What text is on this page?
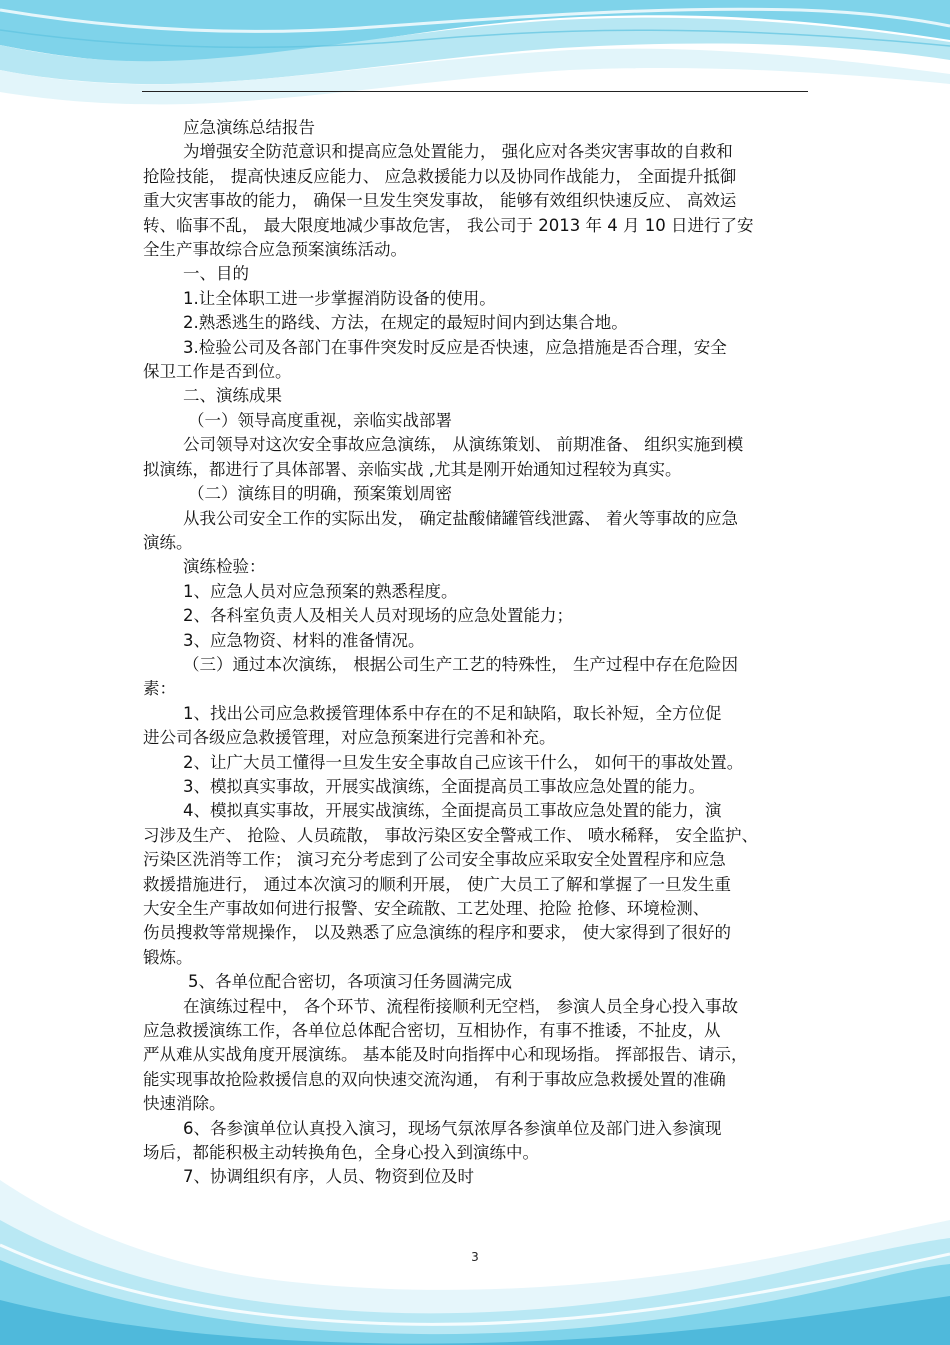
应急演练总结报告

为增强安全防范意识和提高应急处置能力， 强化应对各类灾害事故的自救和

抢险技能， 提高快速反应能力、 应急救援能力以及协同作战能力， 全面提升抵御

重大灾害事故的能力， 确保一旦发生突发事故， 能够有效组织快速反应、 高效运

转、临事不乱， 最大限度地减少事故危害， 我公司于 2013 年 4 月 10 日进行了安

全生产事故综合应急预案演练活动。

一、目的

1.让全体职工进一步掌握消防设备的使用。

2.熟悉逃生的路线、方法，在规定的最短时间内到达集合地。

3.检验公司及各部门在事件突发时反应是否快速，应急措施是否合理，安全

保卫工作是否到位。

二、演练成果

（一）领导高度重视，亲临实战部署

公司领导对这次安全事故应急演练， 从演练策划、 前期准备、 组织实施到模

拟演练，都进行了具体部署、亲临实战 ,尤其是刚开始通知过程较为真实。

（二）演练目的明确，预案策划周密

从我公司安全工作的实际出发， 确定盐酸储罐管线泄露、 着火等事故的应急

演练。

演练检验：

1、应急人员对应急预案的熟悉程度。

2、各科室负责人及相关人员对现场的应急处置能力；

3、应急物资、材料的准备情况。

（三）通过本次演练， 根据公司生产工艺的特殊性， 生产过程中存在危险因

素：

1、找出公司应急救援管理体系中存在的不足和缺陷，取长补短，全方位促

进公司各级应急救援管理，对应急预案进行完善和补充。

2、让广大员工懂得一旦发生安全事故自己应该干什么， 如何干的事故处置。

3、模拟真实事故，开展实战演练，全面提高员工事故应急处置的能力。

4、模拟真实事故，开展实战演练，全面提高员工事故应急处置的能力，演

习涉及生产、 抢险、人员疏散， 事故污染区安全警戒工作、 喷水稀释， 安全监护、

污染区洗消等工作； 演习充分考虑到了公司安全事故应采取安全处置程序和应急

救援措施进行， 通过本次演习的顺利开展， 使广大员工了解和掌握了一旦发生重

大安全生产事故如何进行报警、安全疏散、工艺处理、抢险 抢修、环境检测、

伤员搜救等常规操作， 以及熟悉了应急演练的程序和要求， 使大家得到了很好的

锻炼。

5、各单位配合密切，各项演习任务圆满完成

在演练过程中， 各个环节、流程衔接顺利无空档， 参演人员全身心投入事故

应急救援演练工作，各单位总体配合密切，互相协作，有事不推诿，不扯皮，从

严从难从实战角度开展演练。 基本能及时向指挥中心和现场指。 挥部报告、请示，

能实现事故抢险救援信息的双向快速交流沟通， 有利于事故应急救援处置的准确

快速消除。

6、各参演单位认真投入演习，现场气氛浓厚各参演单位及部门进入参演现

场后，都能积极主动转换角色，全身心投入到演练中。

7、协调组织有序，人员、物资到位及时

3
